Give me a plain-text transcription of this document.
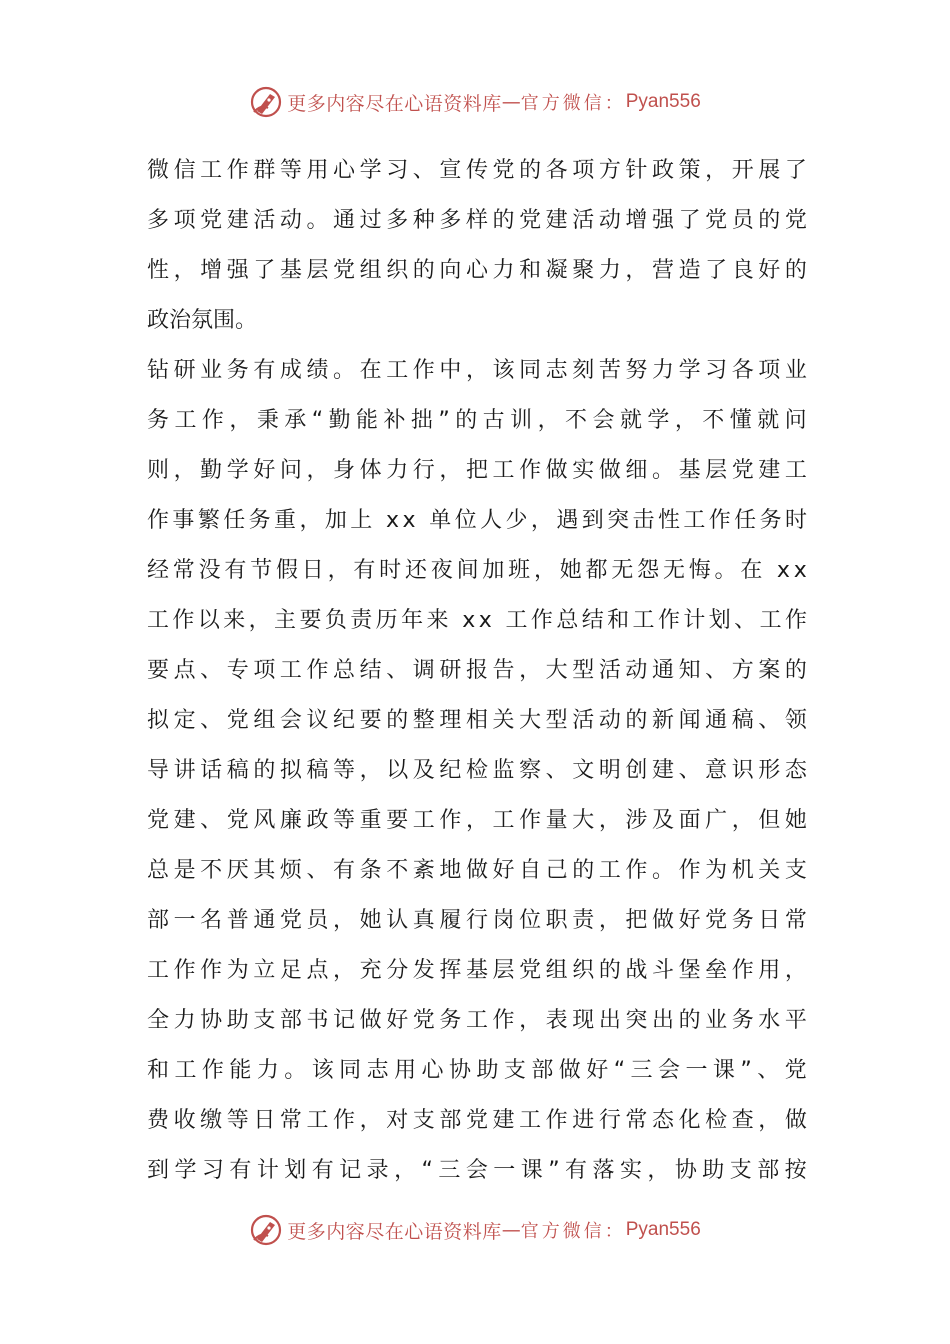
更多内容尽在心语资料库 — 官方微信： Pyan556
微 信 工 作 群 等 用 心 学 习 、 宣 传 党 的 各 项 方 针 政 策 ， 开 展 了
多 项 党 建 活 动 。 通 过 多 种 多 样 的 党 建 活 动 增 强 了 党 员 的 党
性 ， 增 强 了 基 层 党 组 织 的 向 心 力 和 凝 聚 力 ， 营 造 了 良 好 的
政治氛围。
钻 研 业 务 有 成 绩 。 在 工 作 中 ， 该 同 志 刻 苦 努 力 学 习 各 项 业
务 工 作 ， 秉 承 “ 勤 能 补 拙 ” 的 古 训 ， 不 会 就 学 ， 不 懂 就 问
则 ， 勤 学 好 问 ， 身 体 力 行 ， 把 工 作 做 实 做 细 。 基 层 党 建 工
作 事 繁 任 务 重 ， 加 上
x x
单 位 人 少 ， 遇 到 突 击 性 工 作 任 务 时
经 常 没 有 节 假 日 ， 有 时 还 夜 间 加 班 ， 她 都 无 怨 无 悔 。 在
x x
工 作 以 来 ， 主 要 负 责 历 年 来
x x
工 作 总 结 和 工 作 计 划 、 工 作
要 点 、 专 项 工 作 总 结 、 调 研 报 告 ， 大 型 活 动 通 知 、 方 案 的
拟 定 、 党 组 会 议 纪 要 的 整 理 相 关 大 型 活 动 的 新 闻 通 稿 、 领
导 讲 话 稿 的 拟 稿 等 ， 以 及 纪 检 监 察 、 文 明 创 建 、 意 识 形 态
党 建 、 党 风 廉 政 等 重 要 工 作 ， 工 作 量 大 ， 涉 及 面 广 ， 但 她
总 是 不 厌 其 烦 、 有 条 不 紊 地 做 好 自 己 的 工 作 。 作 为 机 关 支
部 一 名 普 通 党 员 ， 她 认 真 履 行 岗 位 职 责 ， 把 做 好 党 务 日 常
工 作 作 为 立 足 点 ， 充 分 发 挥 基 层 党 组 织 的 战 斗 堡 垒 作 用 ，
全 力 协 助 支 部 书 记 做 好 党 务 工 作 ， 表 现 出 突 出 的 业 务 水 平
和 工 作 能 力 。 该 同 志 用 心 协 助 支 部 做 好 “ 三 会 一 课 ” 、 党
费 收 缴 等 日 常 工 作 ， 对 支 部 党 建 工 作 进 行 常 态 化 检 查 ， 做
到 学 习 有 计 划 有 记 录 ， “ 三 会 一 课 ” 有 落 实 ， 协 助 支 部 按
更多内容尽在心语资料库 — 官方微信： Pyan556
